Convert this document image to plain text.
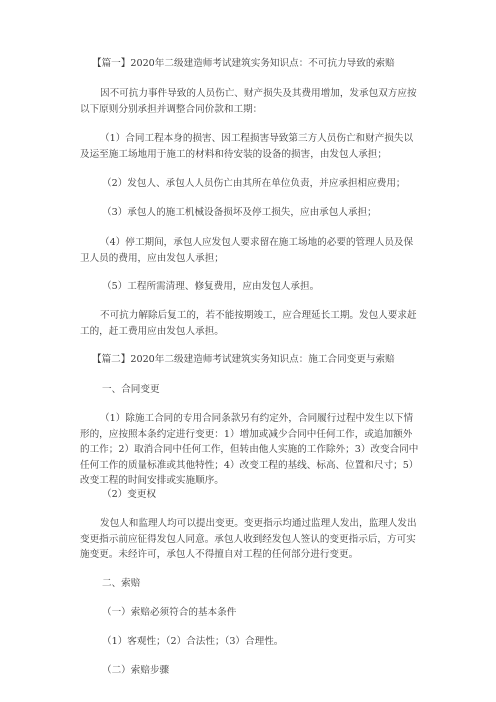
【篇一】2020年二级建造师考试建筑实务知识点：不可抗力导致的索赔

因不可抗力事件导致的人员伤亡、财产损失及其费用增加，发承包双方应按以下原则分别承担并调整合同价款和工期：

（1）合同工程本身的损害、因工程损害导致第三方人员伤亡和财产损失以及运至施工场地用于施工的材料和待安装的设备的损害，由发包人承担；

（2）发包人、承包人人员伤亡由其所在单位负责，并应承担相应费用；

（3）承包人的施工机械设备损坏及停工损失，应由承包人承担；

（4）停工期间，承包人应发包人要求留在施工场地的必要的管理人员及保卫人员的费用，应由发包人承担；

（5）工程所需清理、修复费用，应由发包人承担。

不可抗力解除后复工的，若不能按期竣工，应合理延长工期。发包人要求赶工的，赶工费用应由发包人承担。

【篇二】2020年二级建造师考试建筑实务知识点：施工合同变更与索赔

一、合同变更

（1）除施工合同的专用合同条款另有约定外，合同履行过程中发生以下情形的，应按照本条约定进行变更：1）增加或减少合同中任何工作，或追加额外的工作；2）取消合同中任何工作，但转由他人实施的工作除外；3）改变合同中任何工作的质量标准或其他特性；4）改变工程的基线、标高、位置和尺寸；5）改变工程的时间安排或实施顺序。

（2）变更权

发包人和监理人均可以提出变更。变更指示均通过监理人发出，监理人发出变更指示前应征得发包人同意。承包人收到经发包人签认的变更指示后，方可实施变更。未经许可，承包人不得擅自对工程的任何部分进行变更。

二、索赔

（一）索赔必须符合的基本条件

（1）客观性；（2）合法性；（3）合理性。

（二）索赔步骤
